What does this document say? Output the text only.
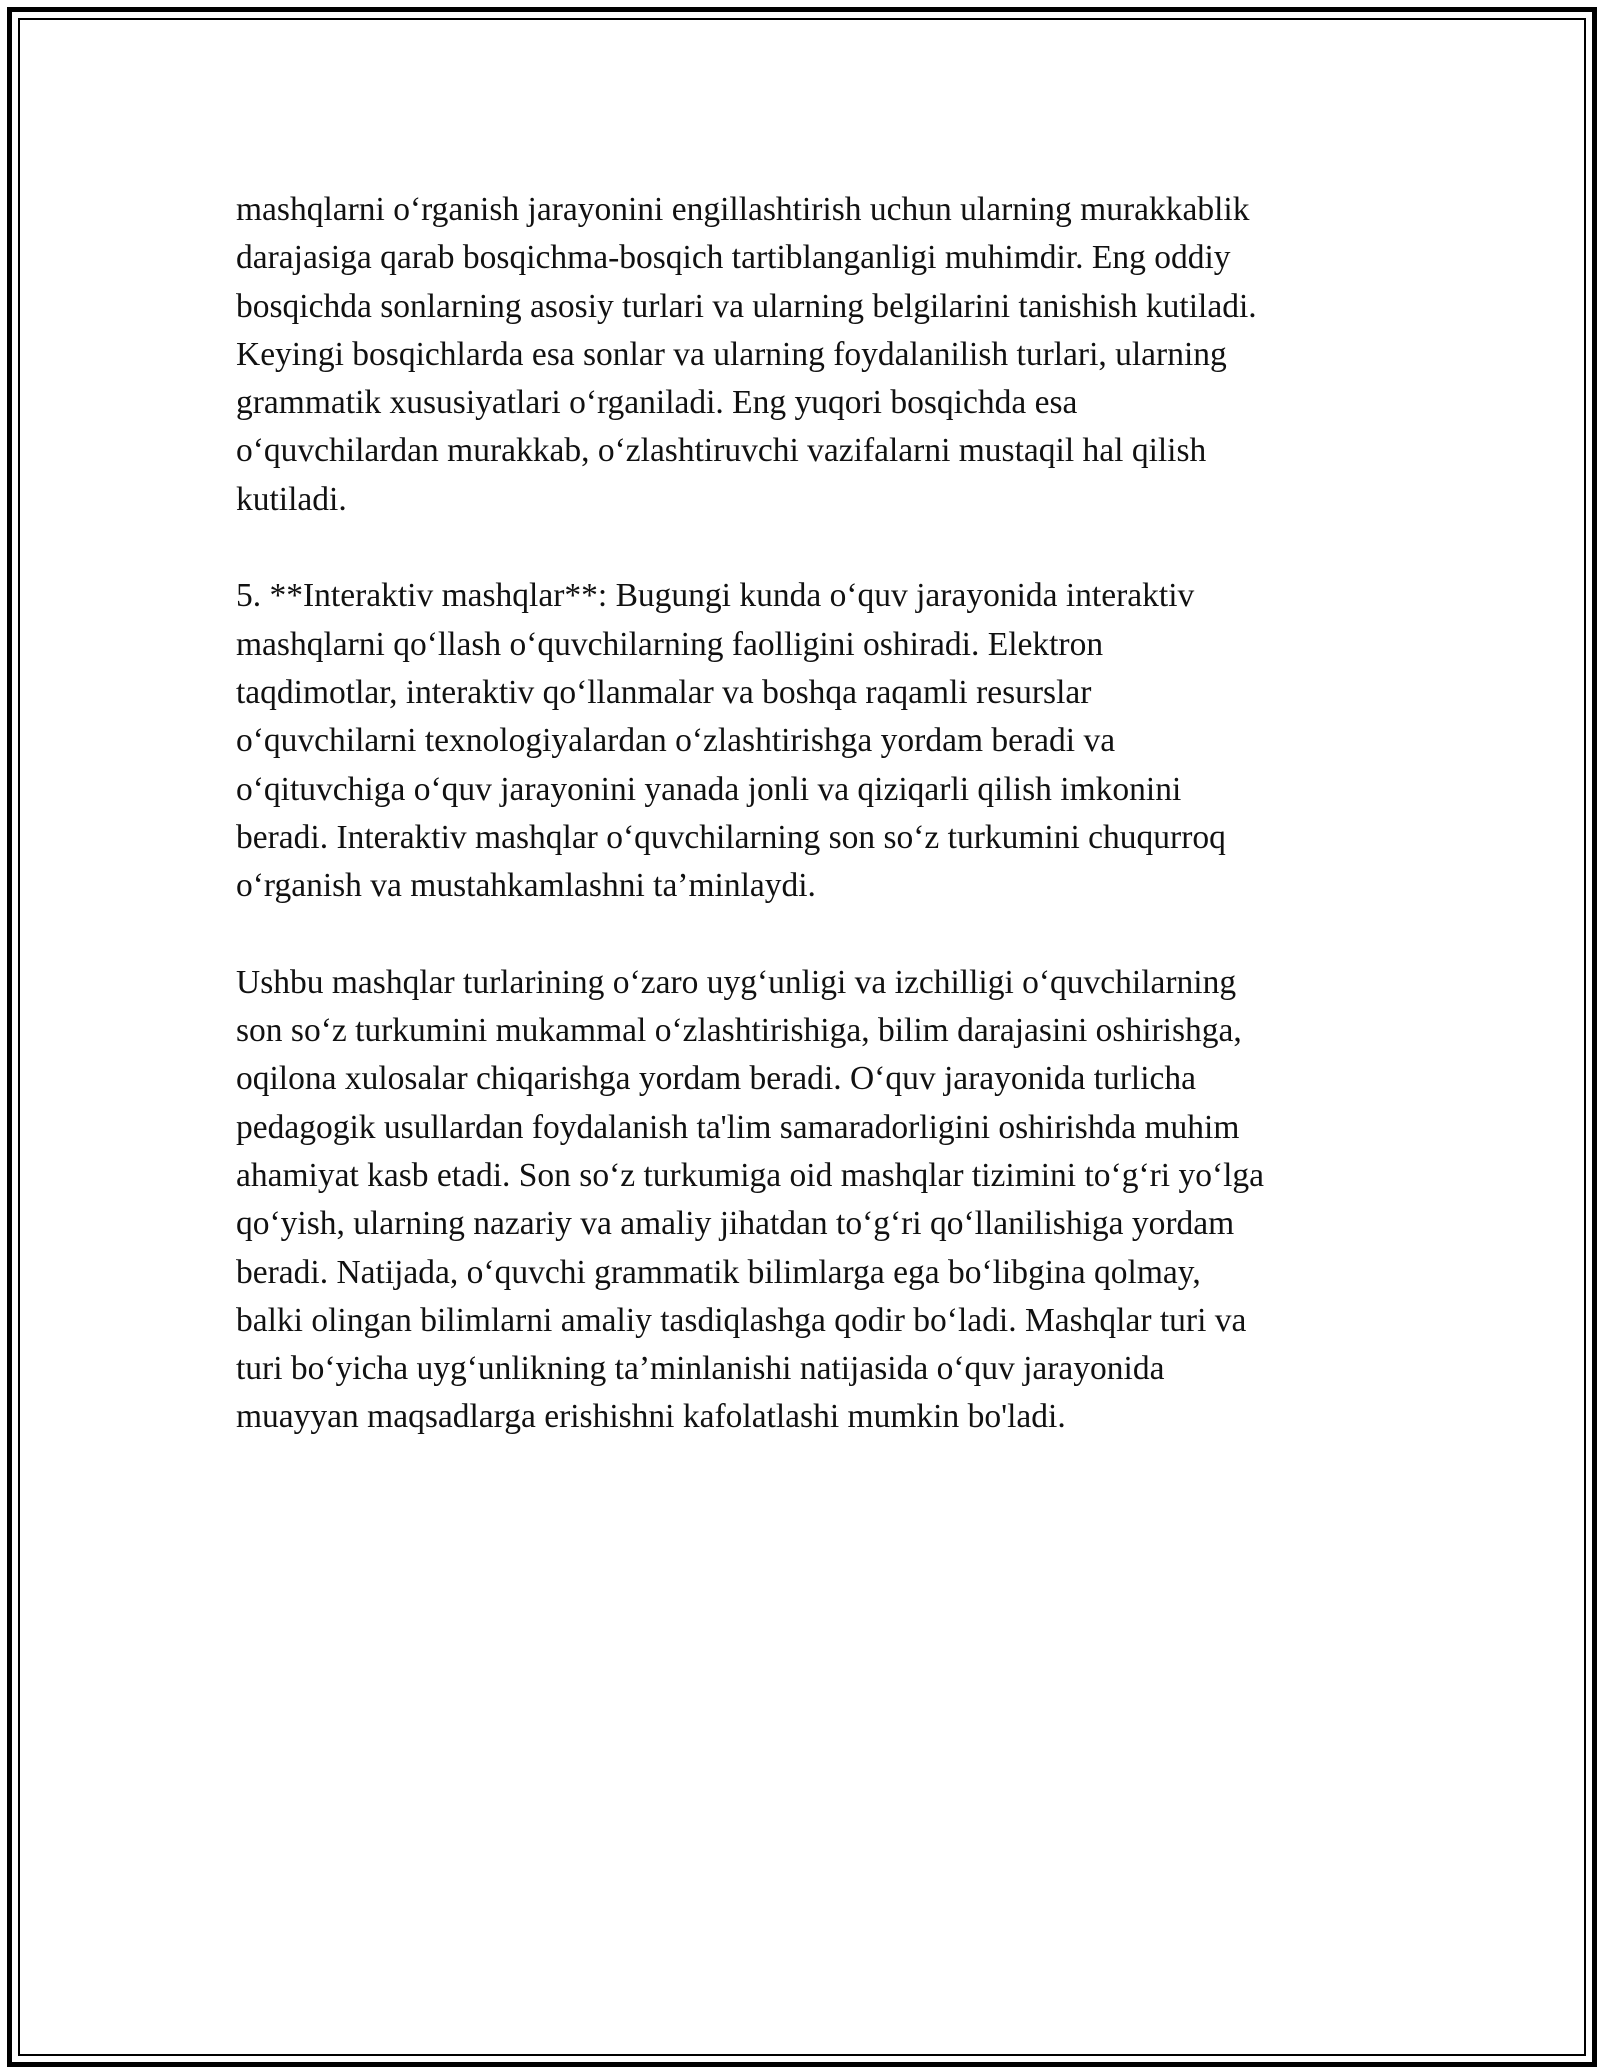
mashqlarni o‘rganish jarayonini engillashtirish uchun ularning murakkablik
darajasiga qarab bosqichma-bosqich tartiblanganligi muhimdir. Eng oddiy
bosqichda sonlarning asosiy turlari va ularning belgilarini tanishish kutiladi.
Keyingi bosqichlarda esa sonlar va ularning foydalanilish turlari, ularning
grammatik xususiyatlari o‘rganiladi. Eng yuqori bosqichda esa
o‘quvchilardan murakkab, o‘zlashtiruvchi vazifalarni mustaqil hal qilish
kutiladi.

5. **Interaktiv mashqlar**: Bugungi kunda o‘quv jarayonida interaktiv
mashqlarni qo‘llash o‘quvchilarning faolligini oshiradi. Elektron
taqdimotlar, interaktiv qo‘llanmalar va boshqa raqamli resurslar
o‘quvchilarni texnologiyalardan o‘zlashtirishga yordam beradi va
o‘qituvchiga o‘quv jarayonini yanada jonli va qiziqarli qilish imkonini
beradi. Interaktiv mashqlar o‘quvchilarning son so‘z turkumini chuqurroq
o‘rganish va mustahkamlashni ta’minlaydi.

Ushbu mashqlar turlarining o‘zaro uyg‘unligi va izchilligi o‘quvchilarning
son so‘z turkumini mukammal o‘zlashtirishiga, bilim darajasini oshirishga,
oqilona xulosalar chiqarishga yordam beradi. O‘quv jarayonida turlicha
pedagogik usullardan foydalanish ta'lim samaradorligini oshirishda muhim
ahamiyat kasb etadi. Son so‘z turkumiga oid mashqlar tizimini to‘g‘ri yo‘lga
qo‘yish, ularning nazariy va amaliy jihatdan to‘g‘ri qo‘llanilishiga yordam
beradi. Natijada, o‘quvchi grammatik bilimlarga ega bo‘libgina qolmay,
balki olingan bilimlarni amaliy tasdiqlashga qodir bo‘ladi. Mashqlar turi va
turi bo‘yicha uyg‘unlikning ta’minlanishi natijasida o‘quv jarayonida
muayyan maqsadlarga erishishni kafolatlashi mumkin bo'ladi.
